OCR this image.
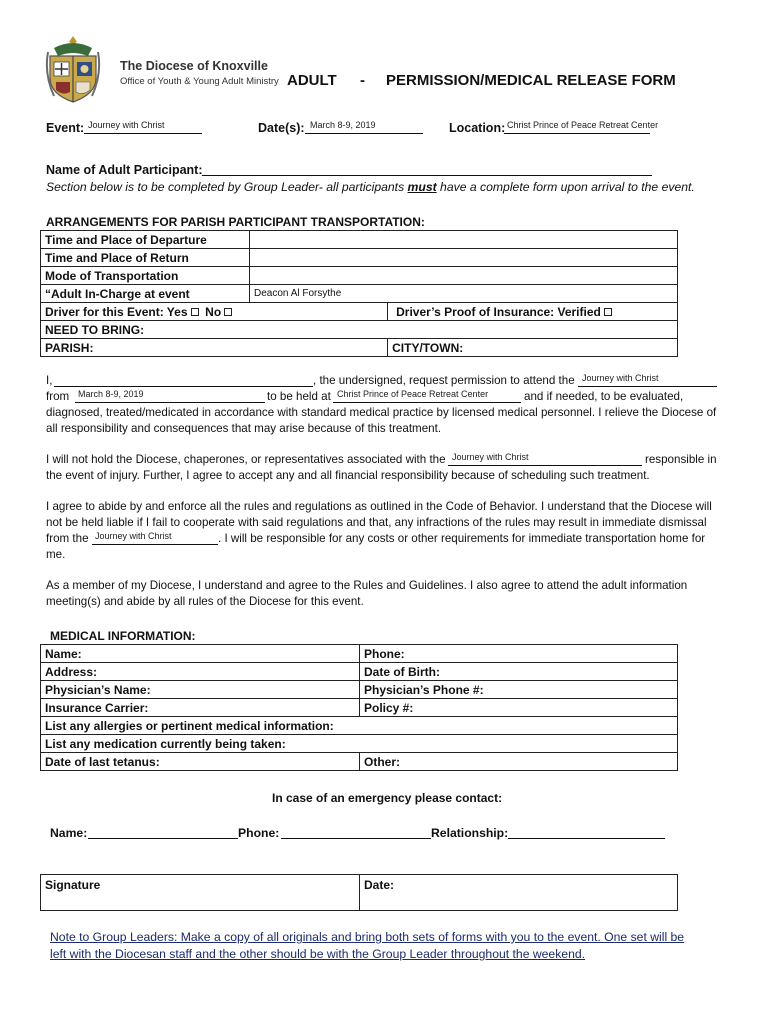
The Diocese of Knoxville
Office of Youth & Young Adult Ministry ADULT - PERMISSION/MEDICAL RELEASE FORM
Event: Journey with Christ	Date(s): March 8-9, 2019	Location: Christ Prince of Peace Retreat Center
Name of Adult Participant:
Section below is to be completed by Group Leader- all participants must have a complete form upon arrival to the event.
ARRANGEMENTS FOR PARISH PARTICIPANT TRANSPORTATION:
Time and Place of Departure		
Time and Place of Return		
Mode of Transportation		
“Adult In-Charge at event	Deacon Al Forsythe	
Driver for this Event: Yes No		Driver’s Proof of Insurance: Verified
NEED TO BRING:		
PARISH:		CITY/TOWN:
I,	, the undersigned, request permission to attend the Journey with Christ
from March 8-9, 2019	to be held at Christ Prince of Peace Retreat Center	and if needed, to be evaluated,
diagnosed, treated/medicated in accordance with standard medical practice by licensed medical personnel. I relieve the Diocese of
all responsibility and consequences that may arise because of this treatment.
I will not hold the Diocese, chaperones, or representatives associated with the Journey with Christ	responsible in
the event of injury. Further, I agree to accept any and all financial responsibility because of scheduling such treatment.
I agree to abide by and enforce all the rules and regulations as outlined in the Code of Behavior. I understand that the Diocese will
not be held liable if I fail to cooperate with said regulations and that, any infractions of the rules may result in immediate dismissal
from the Journey with Christ	. I will be responsible for any costs or other requirements for immediate transportation home for
me.
As a member of my Diocese, I understand and agree to the Rules and Guidelines. I also agree to attend the adult information
meeting(s) and abide by all rules of the Diocese for this event.
MEDICAL INFORMATION:
Name:	Phone:
Address:	Date of Birth:
Physician’s Name:	Physician’s Phone #:
Insurance Carrier:	Policy #:
List any allergies or pertinent medical information:	
List any medication currently being taken:	
Date of last tetanus:	Other:
In case of an emergency please contact:
Name:	Phone:	Relationship:
Signature	Date:
Note to Group Leaders: Make a copy of all originals and bring both sets of forms with you to the event. One set will be
left with the Diocesan staff and the other should be with the Group Leader throughout the weekend.
